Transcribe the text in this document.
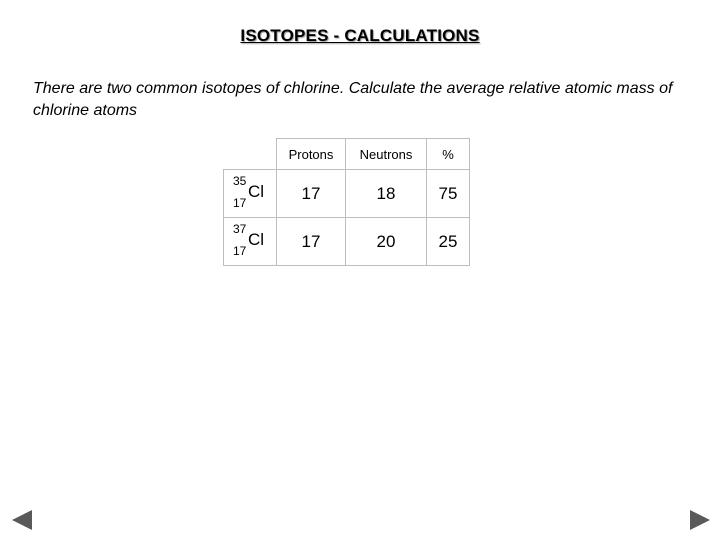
ISOTOPES - CALCULATIONS
There are two common isotopes of chlorine. Calculate the average relative atomic mass of chlorine atoms
	Protons	Neutrons	%

35
17
Cl	17	18	75

37
17
Cl	17	20	25
